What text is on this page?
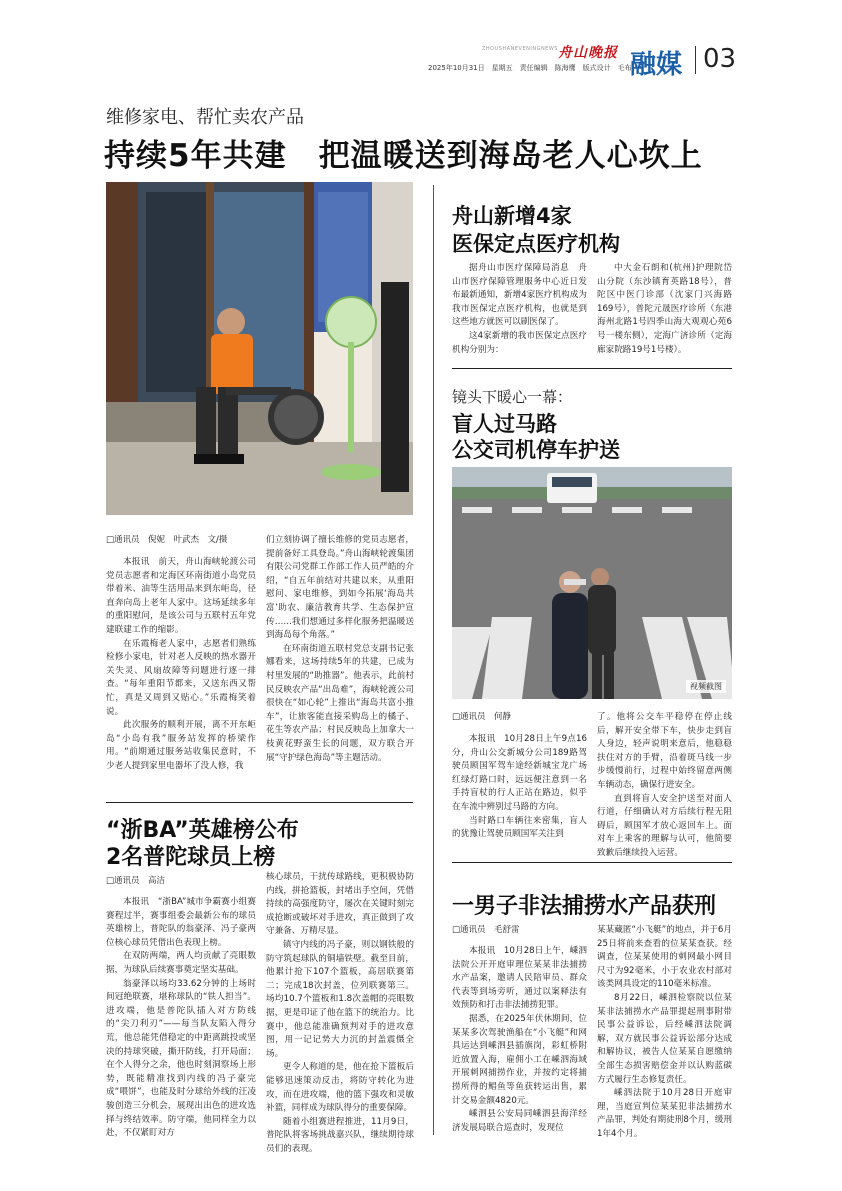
ZHOUSHANEVENINGNEWS 舟山晚报
2025年10月31日　星期五　责任编辑　陈海鹰　版式设计　毛布
融媒 03
维修家电、帮忙卖农产品
持续5年共建　把温暖送到海岛老人心坎上
□通讯员　倪妮　叶武杰　文/摄

本报讯　前天，舟山海峡轮渡公司党员志愿者和定海区环南街道小岛党员带着米、油等生活用品来到东岠岛，径直奔向岛上老年人家中。这场延续多年的重阳慰问，是该公司与五联村五年党建联建工作的缩影。

在乐霞梅老人家中，志愿者们熟练检修小家电，针对老人反映的热水器开关失灵、风扇故障等问题进行逐一排查。“每年重阳节都来，又送东西又帮忙，真是又周到又贴心。”乐霞梅笑着说。

此次服务的顺利开展，离不开东岠岛“小岛有我”服务站发挥的桥梁作用。“前期通过服务站收集民意时，不少老人提到家里电器坏了没人修，我

们立刻协调了擅长维修的党员志愿者，提前备好工具登岛。”舟山海峡轮渡集团有限公司党群工作部工作人员严皓的介绍，“自五年前结对共建以来，从重阳慰问、家电维修，到如今拓展‘海岛共富’助农、廉洁教育共学、生态保护宣传……我们想通过多样化服务把温暖送到海岛每个角落。”

在环南街道五联村党总支副书记张娜看来，这场持续5年的共建，已成为村里发展的“助推器”。他表示，此前村民反映农产品“出岛难”，海峡轮渡公司很快在“如心轮”上推出“海岛共富小推车”，让旅客能直接采购岛上的橘子、花生等农产品；村民反映岛上加拿大一枝黄花野蛮生长的问题，双方联合开展“守护绿色海岛”等主题活动。

舟山新增4家
医保定点医疗机构

据舟山市医疗保障局消息　舟山市医疗保障管理服务中心近日发布最新通知，新增4家医疗机构成为我市医保定点医疗机构，也就是到这些地方就医可以刷医保了。

这4家新增的我市医保定点医疗机构分别为：

中大金石朗和(杭州)护理院岱山分院（东沙镇育英路18号），普陀区中医门诊部（沈家门兴海路169号），普陀元晟医疗诊所（东港海州北路1号四季山海大观观心苑6号一楼东侧），定海广济诊所（定海廊家院路19号1号楼）。

镜头下暖心一幕：
盲人过马路
公交司机停车护送
视频截图
□通讯员　何静

本报讯　10月28日上午9点16分，舟山公交新城分公司189路驾驶员顾国军驾车途经新城宝龙广场红绿灯路口时，远远便注意到一名手持盲杖的行人正站在路边，似乎在车流中辨别过马路的方向。

当时路口车辆往来密集，盲人的犹豫让驾驶员顾国军关注到

了。他将公交车平稳停在停止线后，解开安全带下车，快步走到盲人身边，轻声说明来意后，他稳稳扶住对方的手臂，沿着斑马线一步步缓慢前行，过程中始终留意两侧车辆动态，确保行进安全。

直到将盲人安全护送至对面人行道，仔细确认对方后续行程无阻碍后，顾国军才放心返回车上。面对车上乘客的理解与认可，他简要致歉后继续投入运营。

“浙BA”英雄榜公布
2名普陀球员上榜
□通讯员　高洁

本报讯　“浙BA”城市争霸赛小组赛赛程过半，赛事组委会最新公布的球员英雄榜上，普陀队的翁豪泽、冯子豪两位核心球员凭借出色表现上榜。

在双防两端，两人均贡献了亮眼数据，为球队后续赛事奠定坚实基础。

翁豪泽以场均33.62分钟的上场时间冠绝联赛，堪称球队的“铁人担当”。进攻端，他是普陀队插入对方防线的“尖刀利刃”——每当队友陷入得分荒，他总能凭借稳定的中距离跳投或坚决的持球突破，撕开防线，打开局面；在个人得分之余，他也时刻洞察场上形势，既能精准找到内线的冯子豪完成“喂饼”，也能及时分球给外线的汪凌骏创造三分机会，展现出出色的进攻选择与终结效率。防守端，他同样全力以赴，不仅紧盯对方

核心球员，干扰传球路线，更积极协防内线，拼抢篮板，封堵出手空间，凭借持续的高强度防守，屡次在关键时刻完成抢断或破坏对手进攻，真正做到了攻守兼备、万精尽显。

镇守内线的冯子豪，则以钢铁般的防守筑起球队的铜墙铁壁。截至目前，他累计抢下107个篮板，高居联赛第二；完成18次封盖，位列联赛第三。场均10.7个篮板和1.8次盖帽的亮眼数据，更是印证了他在篮下的统治力。比赛中，他总能准确预判对手的进攻意图，用一记记势大力沉的封盖震慑全场。

更令人称道的是，他在抢下篮板后能够迅速策动反击，将防守转化为进攻，而在进攻端，他的篮下强攻和灵敏补篮，同样成为球队得分的重要保障。

随着小组赛进程推进，11月9日，普陀队将客场挑战嘉兴队，继续期待球员们的表现。

一男子非法捕捞水产品获刑
□通讯员　毛舒雷

本报讯　10月28日上午，嵊泗法院公开开庭审理位某某非法捕捞水产品案，邀请人民陪审员、群众代表等到场旁听，通过以案释法有效预防和打击非法捕捞犯罪。

据悉，在2025年伏休期间，位某某多次驾驶渔船在“小飞艇”和网具运达到嵊泗县插旗岗，彩虹桥附近放置入海，雇佣小工在嵊泗海域开展刺网捕捞作业，并按约定将捕捞所得的鲳鱼等鱼获转运出售，累计交易金额4820元。

嵊泗县公安局同嵊泗县海洋经济发展局联合巡查时，发现位

某某藏匿“小飞艇”的地点，并于6月25日将前来查看的位某某查获。经调查，位某某使用的刺网最小网目尺寸为92毫米，小于农业农村部对该类网具设定的110毫米标准。

8月22日，嵊泗检察院以位某某非法捕捞水产品罪提起刑事附带民事公益诉讼，后经嵊泗法院调解，双方就民事公益诉讼部分达成和解协议，被告人位某某自愿缴纳全部生态损害赔偿金并以认购蓝碳方式履行生态修复责任。

嵊泗法院于10月28日开庭审理，当庭宣判位某某犯非法捕捞水产品罪，判处有期徒刑8个月，缓刑1年4个月。
